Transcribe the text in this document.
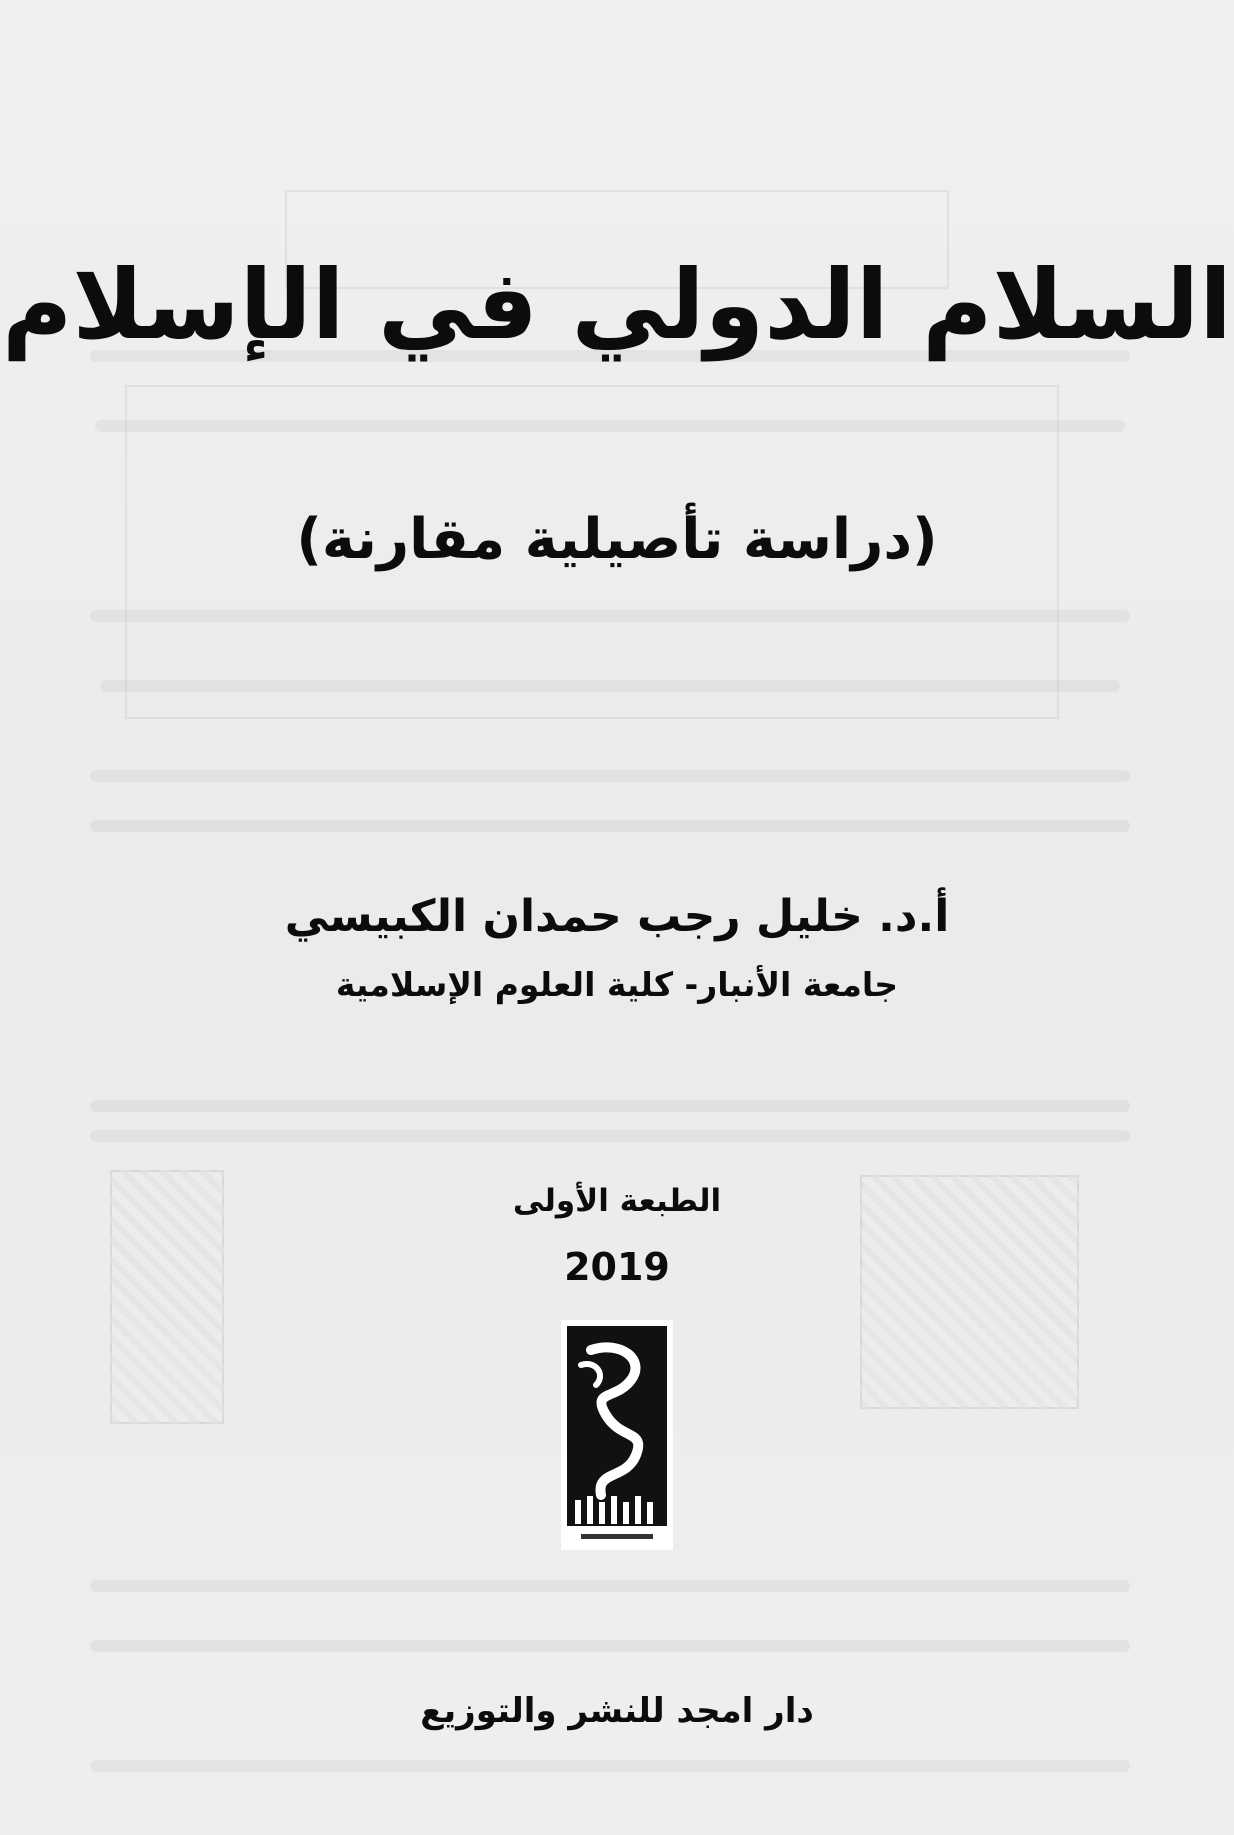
السلام الدولي في الإسلام
(دراسة تأصيلية مقارنة)
أ.د. خليل رجب حمدان الكبيسي
جامعة الأنبار- كلية العلوم الإسلامية
الطبعة الأولى
2019
دار امجد للنشر والتوزيع
